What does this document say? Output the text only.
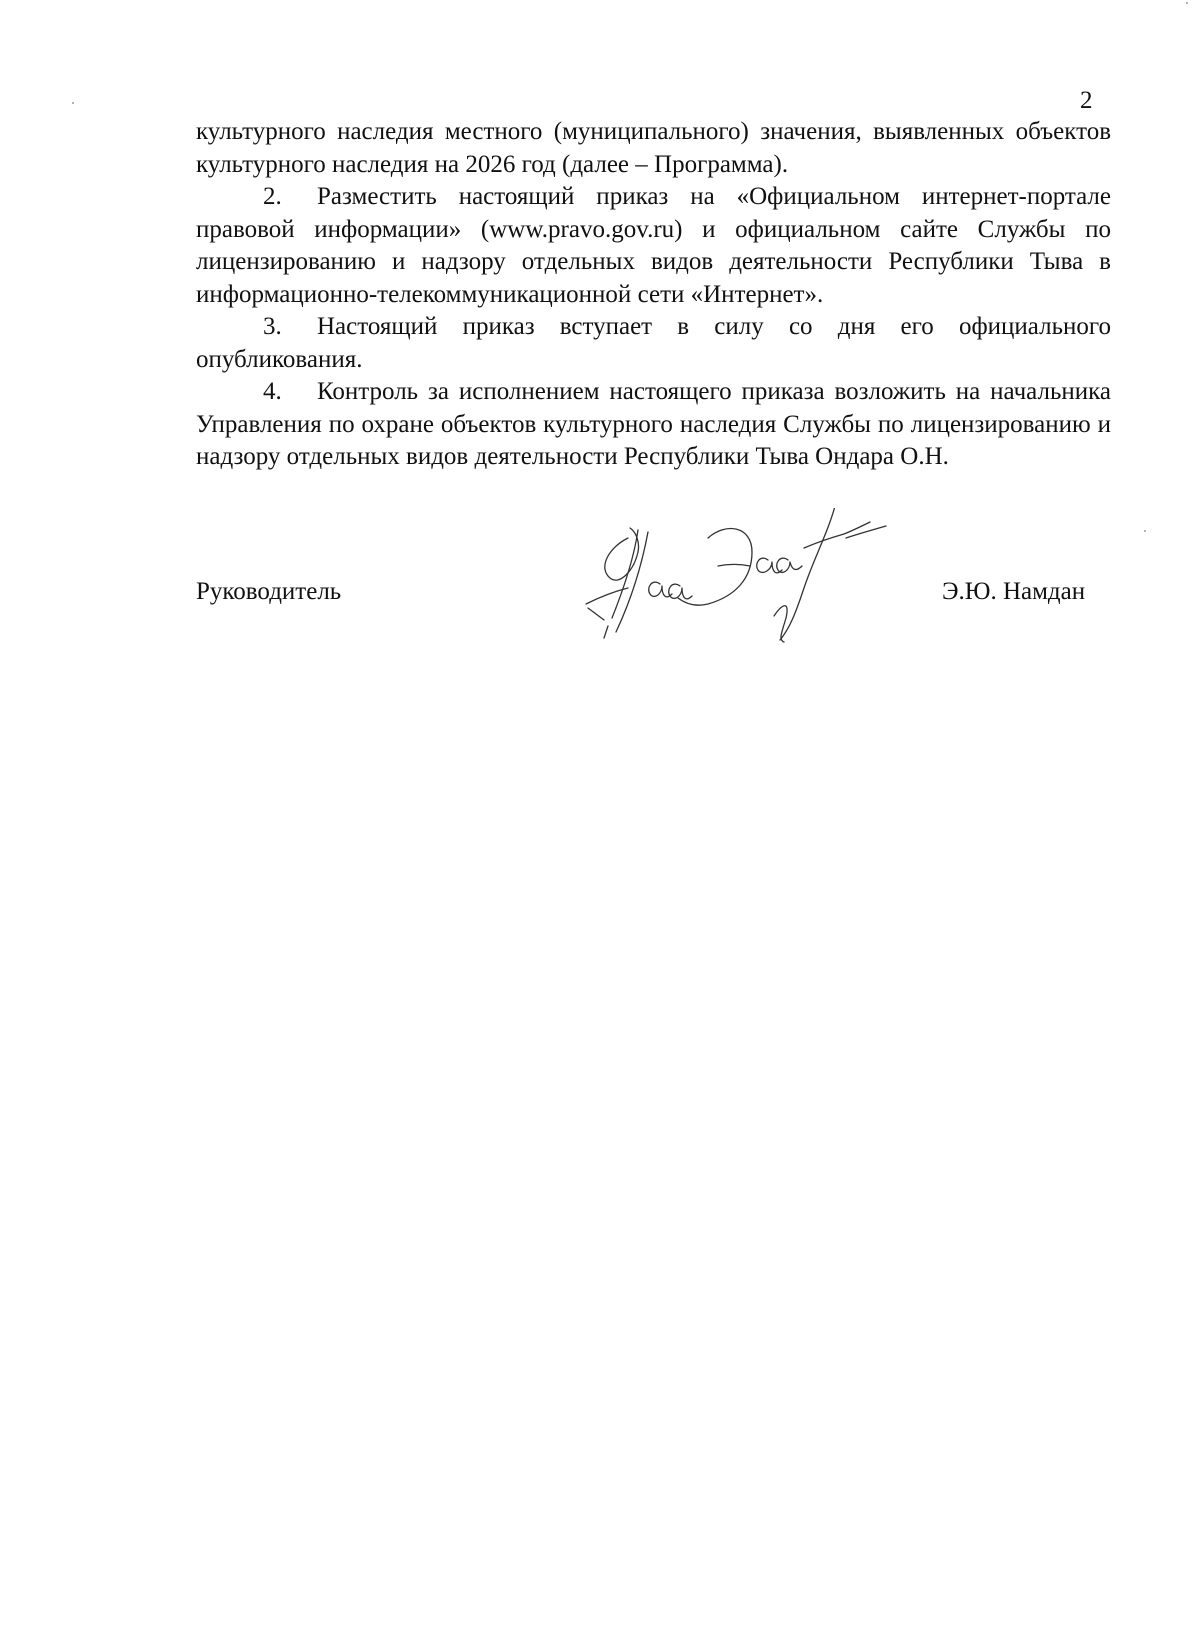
2

культурного наследия местного (муниципального) значения, выявленных объектов культурного наследия на 2026 год (далее – Программа).

2. Разместить настоящий приказ на «Официальном интернет-портале правовой информации» (www.pravo.gov.ru) и официальном сайте Службы по лицензированию и надзору отдельных видов деятельности Республики Тыва в информационно-телекоммуникационной сети «Интернет».

3. Настоящий приказ вступает в силу со дня его официального опубликования.

4. Контроль за исполнением настоящего приказа возложить на начальника Управления по охране объектов культурного наследия Службы по лицензированию и надзору отдельных видов деятельности Республики Тыва Ондара О.Н.

Руководитель	Э.Ю. Намдан
